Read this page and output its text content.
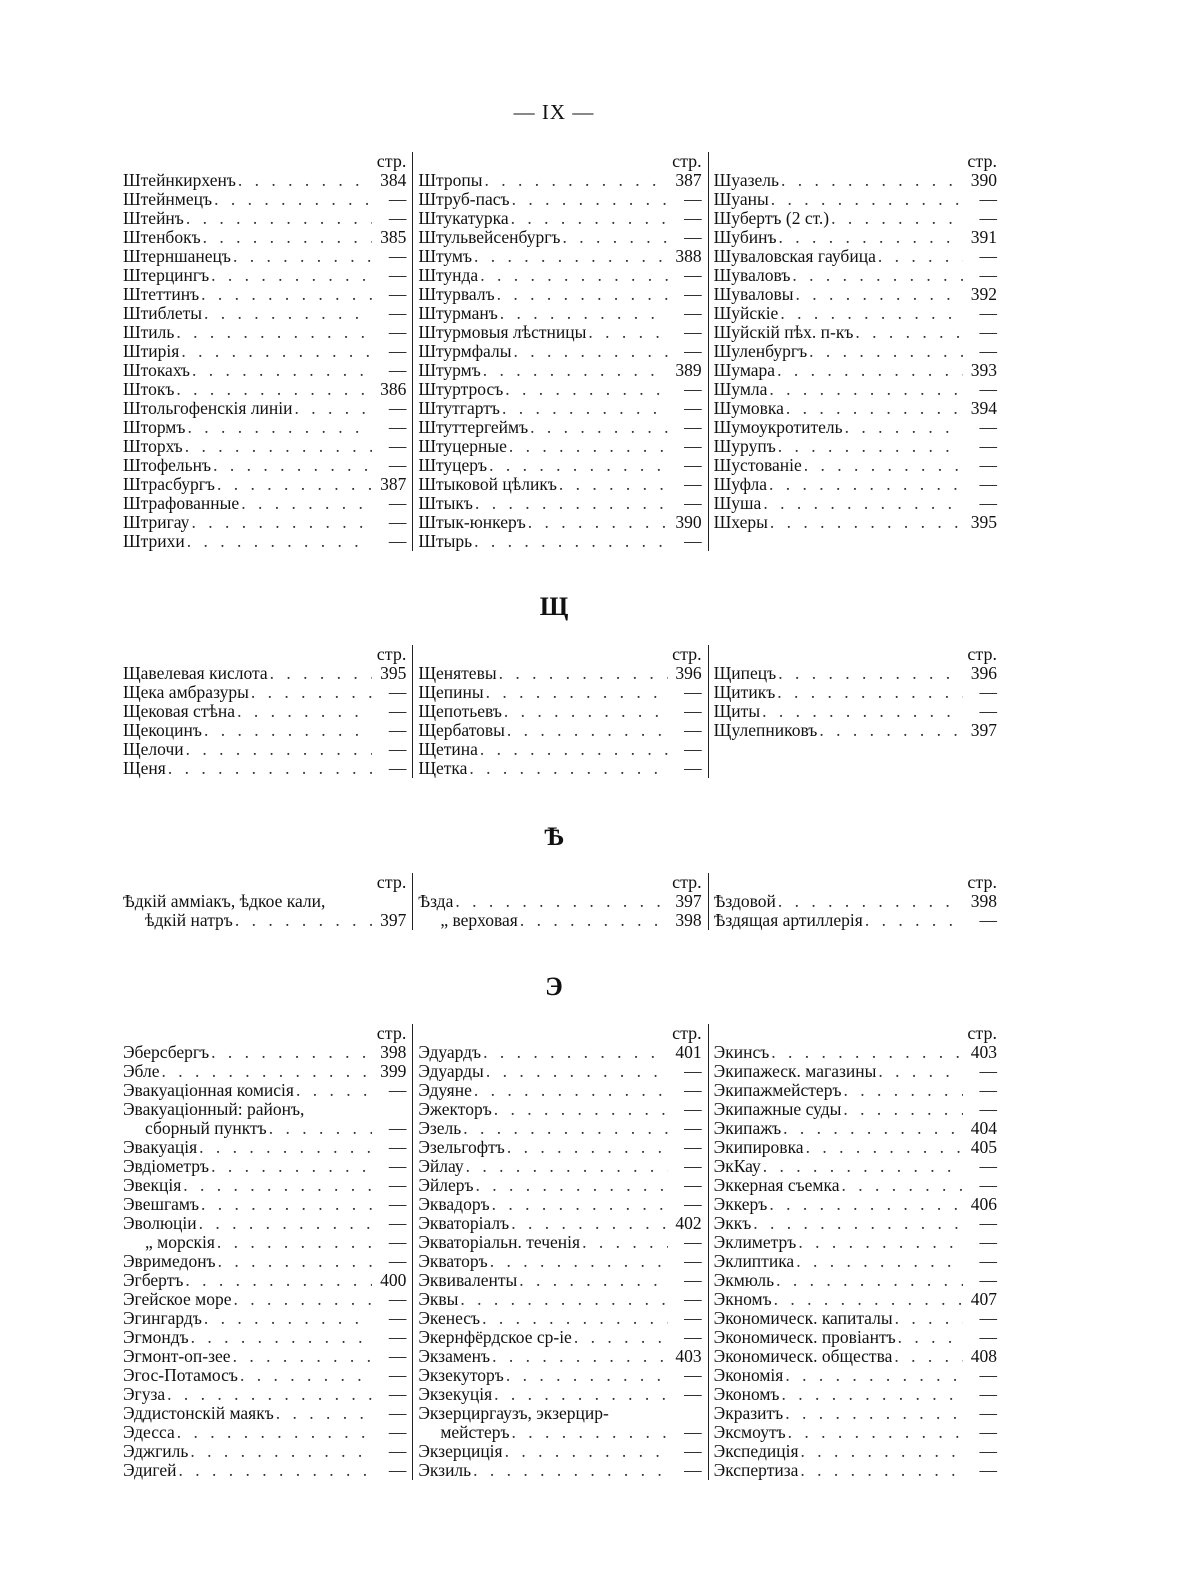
— IX —
стр.
Штейнкирхенъ . . .	384
Штейнмецъ . . .	—
Штейнъ . . .	—
Штенбокъ . . .	385
Штерншанецъ . . .	—
Штерцингъ . . .	—
Штеттинъ . . .	—
Штиблеты . . .	—
Штиль . . .	—
Штирія . . .	—
Штокахъ . . .	—
Штокъ . . .	386
Штольгофенскія линіи . . .	—
Штормъ . . .	—
Шторхъ . . .	—
Штофельнъ . . .	—
Штрасбургъ . . .	387
Штрафованные . . .	—
Штригау . . .	—
Штрихи . . .	—
стр.
Штропы . . .	387
Штруб-пасъ . . .	—
Штукатурка . . .	—
Штульвейсенбургъ . . .	—
Штумъ . . .	388
Штунда . . .	—
Штурвалъ . . .	—
Штурманъ . . .	—
Штурмовыя лѣстницы . . .	—
Штурмфалы . . .	—
Штурмъ . . .	389
Штуртросъ . . .	—
Штутгартъ . . .	—
Штуттергеймъ . . .	—
Штуцерные . . .	—
Штуцеръ . . .	—
Штыковой цѣликъ . . .	—
Штыкъ . . .	—
Штык-юнкеръ . . .	390
Штырь . . .	—
стр.
Шуазель . . .	390
Шуаны . . .	—
Шубертъ (2 ст.) . . .	—
Шубинъ . . .	391
Шуваловская гаубица . . .	—
Шуваловъ . . .	—
Шуваловы . . .	392
Шуйскіе . . .	—
Шуйскій пѣх. п-къ . . .	—
Шуленбургъ . . .	—
Шумара . . .	393
Шумла . . .	—
Шумовка . . .	394
Шумоукротитель . . .	—
Шурупъ . . .	—
Шустованіе . . .	—
Шуфла . . .	—
Шуша . . .	—
Шхеры . . .	395
Щ
стр.
Щавелевая кислота . . .	395
Щека амбразуры . . .	—
Щековая стѣна . . .	—
Щекоцинъ . . .	—
Щелочи . . .	—
Щеня . . .	—
стр.
Щенятевы . . .	396
Щепины . . .	—
Щепотьевъ . . .	—
Щербатовы . . .	—
Щетина . . .	—
Щетка . . .	—
стр.
Щипецъ . . .	396
Щитикъ . . .	—
Щиты . . .	—
Щулепниковъ . . .	397
Ѣ
стр.
Ѣдкій амміакъ, ѣдкое кали,
ѣдкій натръ . . .	397
стр.
Ѣзда . . .	397
„ верховая . . .	398
стр.
Ѣздовой . . .	398
Ѣздящая артиллерія . . .	—
Э
стр.
Эберсбергъ . . .	398
Эбле . . .	399
Эвакуаціонная комисія . . .	—
Эвакуаціонный: районъ,
сборный пунктъ . . .	—
Эвакуація . . .	—
Эвдіометръ . . .	—
Эвекція . . .	—
Эвешгамъ . . .	—
Эволюціи . . .	—
„ морскія . . .	—
Эвримедонъ . . .	—
Эгбертъ . . .	400
Эгейское море . . .	—
Эгингардъ . . .	—
Эгмондъ . . .	—
Эгмонт-оп-зее . . .	—
Эгос-Потамосъ . . .	—
Эгуза . . .	—
Эддистонскій маякъ . . .	—
Эдесса . . .	—
Эджгиль . . .	—
Эдигей . . .	—
стр.
Эдуардъ . . .	401
Эдуарды . . .	—
Эдуяне . . .	—
Эжекторъ . . .	—
Эзель . . .	—
Эзельгофтъ . . .	—
Эйлау . . .	—
Эйлеръ . . .	—
Эквадоръ . . .	—
Экваторіалъ . . .	402
Экваторіальн. теченія . . .	—
Экваторъ . . .	—
Эквиваленты . . .	—
Эквы . . .	—
Экенесъ . . .	—
Экернфёрдское ср-іе . . .	—
Экзаменъ . . .	403
Экзекуторъ . . .	—
Экзекуція . . .	—
Экзерциргаузъ, экзерцир-
мейстеръ . . .	—
Экзерциція . . .	—
Экзиль . . .	—
стр.
Экинсъ . . .	403
Экипажеск. магазины . . .	—
Экипажмейстеръ . . .	—
Экипажные суды . . .	—
Экипажъ . . .	404
Экипировка . . .	405
ЭкКау . . .	—
Эккерная съемка . . .	—
Эккеръ . . .	406
Эккъ . . .	—
Эклиметръ . . .	—
Эклиптика . . .	—
Экмюль . . .	—
Экномъ . . .	407
Экономическ. капиталы . . .	—
Экономическ. провіантъ . . .	—
Экономическ. общества . . .	408
Экономія . . .	—
Экономъ . . .	—
Экразитъ . . .	—
Эксмоутъ . . .	—
Экспедиція . . .	—
Экспертиза . . .	—
